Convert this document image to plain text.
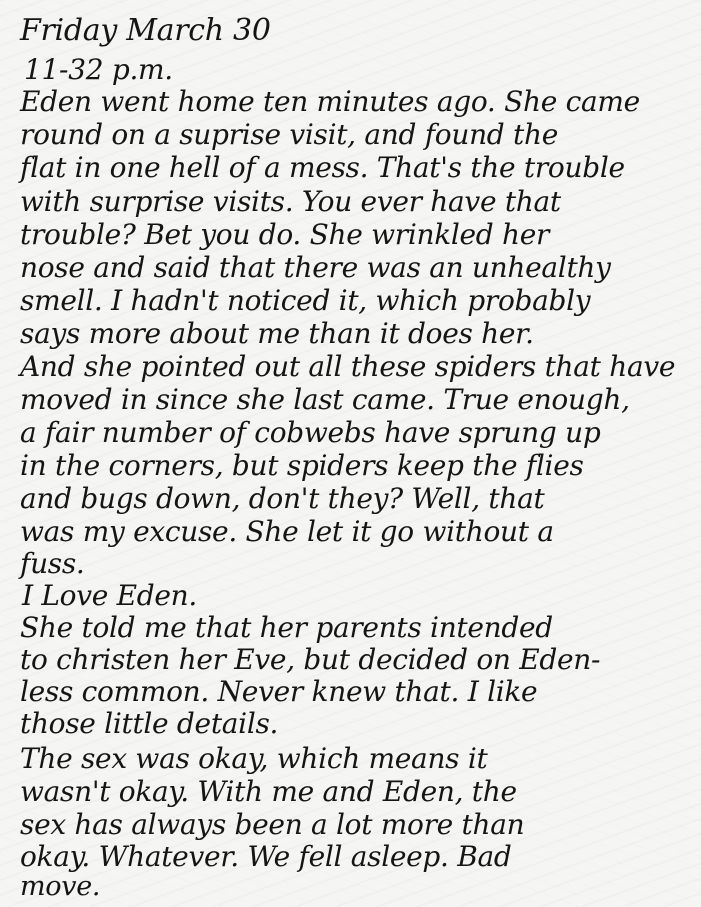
Friday March 30
11-32 p.m.
Eden went home ten minutes ago. She came
round on a suprise visit, and found the
flat in one hell of a mess. That's the trouble
with surprise visits. You ever have that
trouble? Bet you do. She wrinkled her
nose and said that there was an unhealthy
smell. I hadn't noticed it, which probably
says more about me than it does her.
And she pointed out all these spiders that have
moved in since she last came. True enough,
a fair number of cobwebs have sprung up
in the corners, but spiders keep the flies
and bugs down, don't they? Well, that
was my excuse. She let it go without a
fuss.
I Love Eden.
She told me that her parents intended
to christen her Eve, but decided on Eden-
less common. Never knew that. I like
those little details.
The sex was okay, which means it
wasn't okay. With me and Eden, the
sex has always been a lot more than
okay. Whatever. We fell asleep. Bad
move.
